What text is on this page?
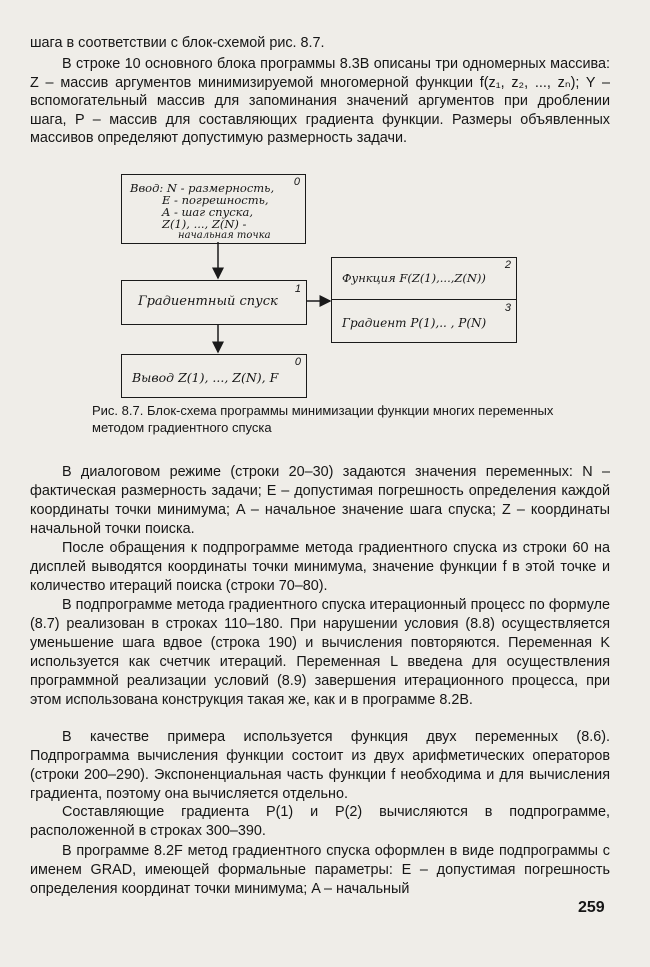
шага в соответствии с блок-схемой рис. 8.7.

В строке 10 основного блока программы 8.3В описаны три одномерных массива: Z – массив аргументов минимизируемой многомерной функции f(z₁, z₂, ..., zₙ); Y – вспомогательный массив для запоминания значений аргументов при дроблении шага, P – массив для составляющих градиента функции. Размеры объявленных массивов определяют допустимую размерность задачи.

0
Ввод: N - размерность,
E - погрешность,
A - шаг спуска,
Z(1), ..., Z(N) -
начальная точка
1
Градиентный спуск
2
Функция F(Z(1),...,Z(N))
3
Градиент P(1),.. , P(N)
0
Вывод Z(1), ..., Z(N), F

Рис. 8.7. Блок-схема программы минимизации функции многих переменных методом градиентного спуска

В диалоговом режиме (строки 20–30) задаются значения переменных: N – фактическая размерность задачи; E – допустимая погрешность определения каждой координаты точки минимума; A – начальное значение шага спуска; Z – координаты начальной точки поиска.

После обращения к подпрограмме метода градиентного спуска из строки 60 на дисплей выводятся координаты точки минимума, значение функции f в этой точке и количество итераций поиска (строки 70–80).

В подпрограмме метода градиентного спуска итерационный процесс по формуле (8.7) реализован в строках 110–180. При нарушении условия (8.8) осуществляется уменьшение шага вдвое (строка 190) и вычисления повторяются. Переменная K используется как счетчик итераций. Переменная L введена для осуществления программной реализации условий (8.9) завершения итерационного процесса, при этом использована конструкция такая же, как и в программе 8.2В.

В качестве примера используется функция двух переменных (8.6). Подпрограмма вычисления функции состоит из двух арифметических операторов (строки 200–290). Экспоненциальная часть функции f необходима и для вычисления градиента, поэтому она вычисляется отдельно.

Составляющие градиента P(1) и P(2) вычисляются в подпрограмме, расположенной в строках 300–390.

В программе 8.2F метод градиентного спуска оформлен в виде подпрограммы с именем GRAD, имеющей формальные параметры: E – допустимая погрешность определения координат точки минимума; A – начальный

259
